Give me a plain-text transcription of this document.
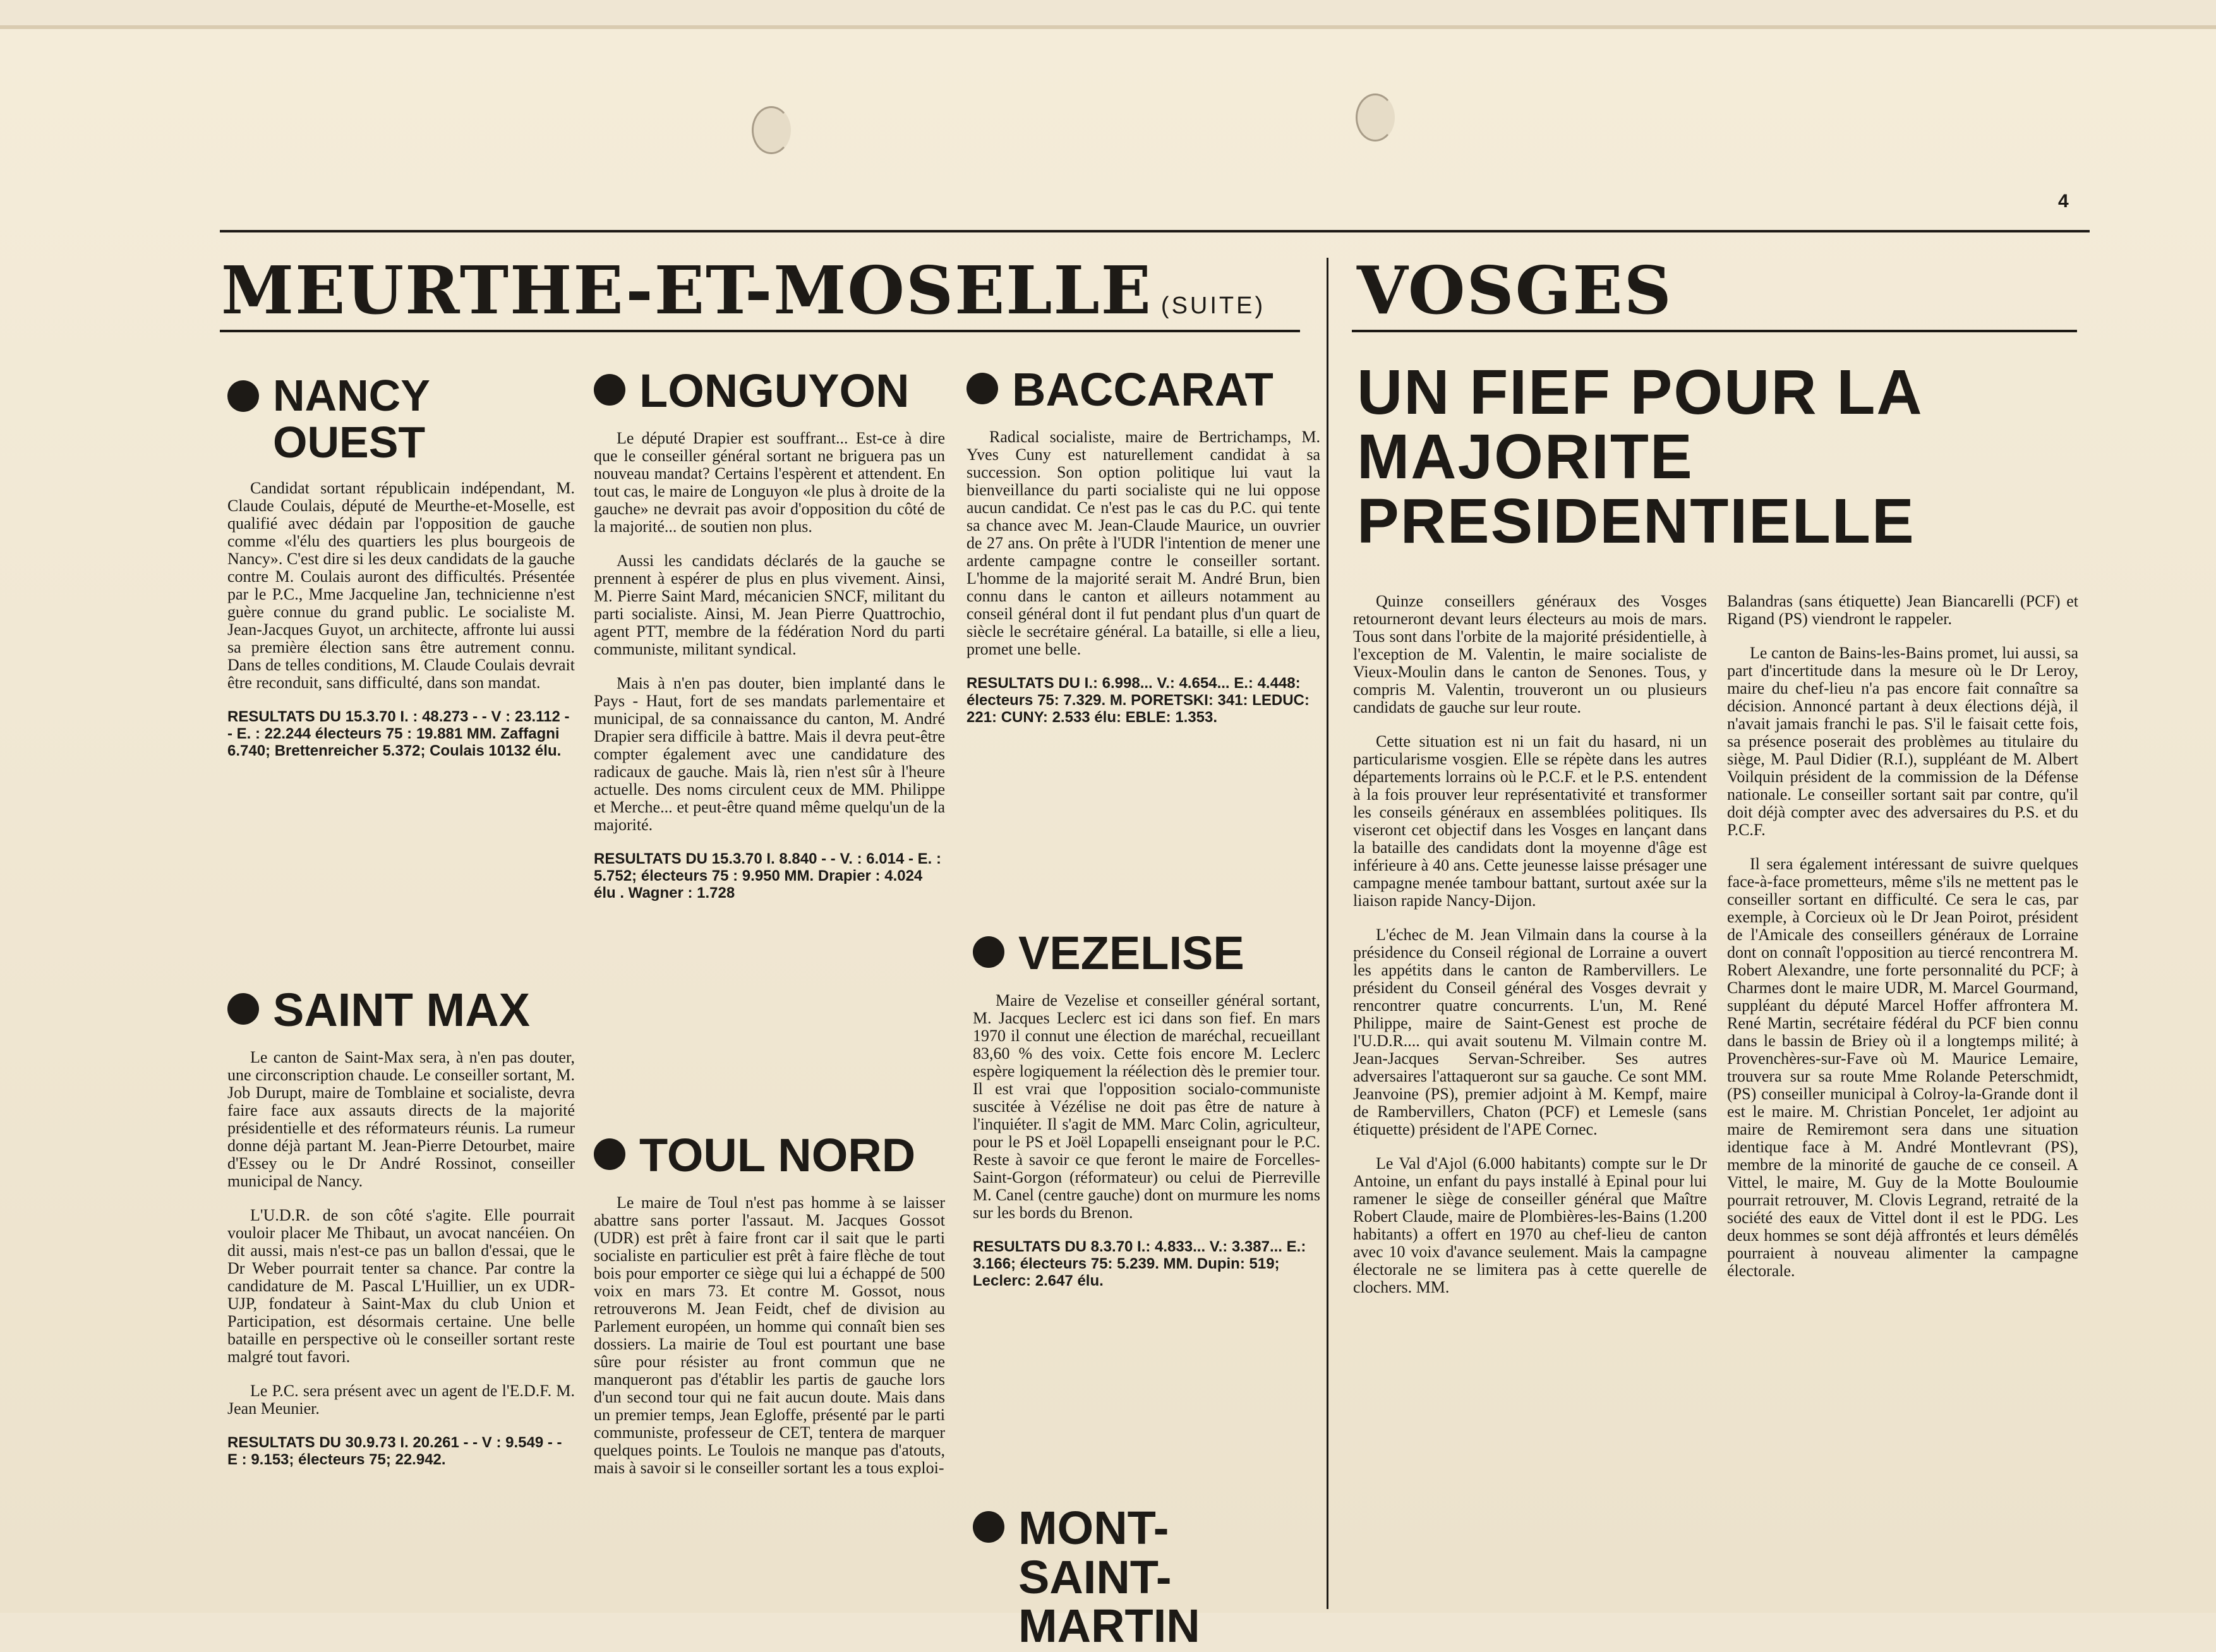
4
MEURTHE-ET-MOSELLE (SUITE) VOSGES
NANCY OUEST

Candidat sortant républicain indépendant, M. Claude Coulais, député de Meurthe-et-Moselle, est qualifié avec dédain par l'opposition de gauche comme «l'élu des quartiers les plus bourgeois de Nancy». C'est dire si les deux candidats de la gauche contre M. Coulais auront des difficultés. Présentée par le P.C., Mme Jacqueline Jan, technicienne n'est guère connue du grand public. Le socialiste M. Jean-Jacques Guyot, un architecte, affronte lui aussi sa première élection sans être autrement connu. Dans de telles conditions, M. Claude Coulais devrait être reconduit, sans difficulté, dans son mandat.

RESULTATS DU 15.3.70 I. : 48.273 - - V : 23.112 - - E. : 22.244 électeurs 75 : 19.881 MM. Zaffagni 6.740; Brettenreicher 5.372; Coulais 10132 élu.
SAINT MAX

Le canton de Saint-Max sera, à n'en pas douter, une circonscription chaude. Le conseiller sortant, M. Job Durupt, maire de Tomblaine et socialiste, devra faire face aux assauts directs de la majorité présidentielle et des réformateurs réunis. La rumeur donne déjà partant M. Jean-Pierre Detourbet, maire d'Essey ou le Dr André Rossinot, conseiller municipal de Nancy.

L'U.D.R. de son côté s'agite. Elle pourrait vouloir placer Me Thibaut, un avocat nancéien. On dit aussi, mais n'est-ce pas un ballon d'essai, que le Dr Weber pourrait tenter sa chance. Par contre la candidature de M. Pascal L'Huillier, un ex UDR-UJP, fondateur à Saint-Max du club Union et Participation, est désormais certaine. Une belle bataille en perspective où le conseiller sortant reste malgré tout favori.

Le P.C. sera présent avec un agent de l'E.D.F. M. Jean Meunier.

RESULTATS DU 30.9.73 I. 20.261 - - V : 9.549 - - E : 9.153; électeurs 75; 22.942.
LONGUYON

Le député Drapier est souffrant... Est-ce à dire que le conseiller général sortant ne briguera pas un nouveau mandat? Certains l'espèrent et attendent. En tout cas, le maire de Longuyon «le plus à droite de la gauche» ne devrait pas avoir d'opposition du côté de la majorité... de soutien non plus.

Aussi les candidats déclarés de la gauche se prennent à espérer de plus en plus vivement. Ainsi, M. Pierre Saint Mard, mécanicien SNCF, militant du parti socialiste. Ainsi, M. Jean Pierre Quattrochio, agent PTT, membre de la fédération Nord du parti communiste, militant syndical.

Mais à n'en pas douter, bien implanté dans le Pays - Haut, fort de ses mandats parlementaire et municipal, de sa connaissance du canton, M. André Drapier sera difficile à battre. Mais il devra peut-être compter également avec une candidature des radicaux de gauche. Mais là, rien n'est sûr à l'heure actuelle. Des noms circulent ceux de MM. Philippe et Merche... et peut-être quand même quelqu'un de la majorité.

RESULTATS DU 15.3.70 I. 8.840 - - V. : 6.014 - E. : 5.752; électeurs 75 : 9.950 MM. Drapier : 4.024 élu . Wagner : 1.728
TOUL NORD

Le maire de Toul n'est pas homme à se laisser abattre sans porter l'assaut. M. Jacques Gossot (UDR) est prêt à faire front car il sait que le parti socialiste en particulier est prêt à faire flèche de tout bois pour emporter ce siège qui lui a échappé de 500 voix en mars 73. Et contre M. Gossot, nous retrouverons M. Jean Feidt, chef de division au Parlement européen, un homme qui connaît bien ses dossiers. La mairie de Toul est pourtant une base sûre pour résister au front commun que ne manqueront pas d'établir les partis de gauche lors d'un second tour qui ne fait aucun doute. Mais dans un premier temps, Jean Egloffe, présenté par le parti communiste, professeur de CET, tentera de marquer quelques points. Le Toulois ne manque pas d'atouts, mais à savoir si le conseiller sortant les a tous exploi-

BACCARAT

Radical socialiste, maire de Bertrichamps, M. Yves Cuny est naturellement candidat à sa succession. Son option politique lui vaut la bienveillance du parti socialiste qui ne lui oppose aucun candidat. Ce n'est pas le cas du P.C. qui tente sa chance avec M. Jean-Claude Maurice, un ouvrier de 27 ans. On prête à l'UDR l'intention de mener une ardente campagne contre le conseiller sortant. L'homme de la majorité serait M. André Brun, bien connu dans le canton et ailleurs notamment au conseil général dont il fut pendant plus d'un quart de siècle le secrétaire général. La bataille, si elle a lieu, promet une belle.

RESULTATS DU I.: 6.998... V.: 4.654... E.: 4.448: électeurs 75: 7.329. M. PORETSKI: 341: LEDUC: 221: CUNY: 2.533 élu: EBLE: 1.353.
VEZELISE

Maire de Vezelise et conseiller général sortant, M. Jacques Leclerc est ici dans son fief. En mars 1970 il connut une élection de maréchal, recueillant 83,60 % des voix. Cette fois encore M. Leclerc espère logiquement la réélection dès le premier tour. Il est vrai que l'opposition socialo-communiste suscitée à Vézélise ne doit pas être de nature à l'inquiéter. Il s'agit de MM. Marc Colin, agriculteur, pour le PS et Joël Lopapelli enseignant pour le P.C. Reste à savoir ce que feront le maire de Forcelles-Saint-Gorgon (réformateur) ou celui de Pierreville M. Canel (centre gauche) dont on murmure les noms sur les bords du Brenon.

RESULTATS DU 8.3.70 I.: 4.833... V.: 3.387... E.: 3.166; électeurs 75: 5.239. MM. Dupin: 519; Leclerc: 2.647 élu.
MONT-SAINT-MARTIN
UN FIEF POUR LA MAJORITE PRESIDENTIELLE

Quinze conseillers généraux des Vosges retourneront devant leurs électeurs au mois de mars. Tous sont dans l'orbite de la majorité présidentielle, à l'exception de M. Valentin, le maire socialiste de Vieux-Moulin dans le canton de Senones. Tous, y compris M. Valentin, trouveront un ou plusieurs candidats de gauche sur leur route.

Cette situation est ni un fait du hasard, ni un particularisme vosgien. Elle se répète dans les autres départements lorrains où le P.C.F. et le P.S. entendent à la fois prouver leur représentativité et transformer les conseils généraux en assemblées politiques. Ils viseront cet objectif dans les Vosges en lançant dans la bataille des candidats dont la moyenne d'âge est inférieure à 40 ans. Cette jeunesse laisse présager une campagne menée tambour battant, surtout axée sur la liaison rapide Nancy-Dijon.

L'échec de M. Jean Vilmain dans la course à la présidence du Conseil régional de Lorraine a ouvert les appétits dans le canton de Rambervillers. Le président du Conseil général des Vosges devrait y rencontrer quatre concurrents. L'un, M. René Philippe, maire de Saint-Genest est proche de l'U.D.R.... qui avait soutenu M. Vilmain contre M. Jean-Jacques Servan-Schreiber. Ses autres adversaires l'attaqueront sur sa gauche. Ce sont MM. Jeanvoine (PS), premier adjoint à M. Kempf, maire de Rambervillers, Chaton (PCF) et Lemesle (sans étiquette) président de l'APE Cornec.

Le Val d'Ajol (6.000 habitants) compte sur le Dr Antoine, un enfant du pays installé à Epinal pour lui ramener le siège de conseiller général que Maître Robert Claude, maire de Plombières-les-Bains (1.200 habitants) a offert en 1970 au chef-lieu de canton avec 10 voix d'avance seulement. Mais la campagne électorale ne se limitera pas à cette querelle de clochers. MM.

Balandras (sans étiquette) Jean Biancarelli (PCF) et Rigand (PS) viendront le rappeler.

Le canton de Bains-les-Bains promet, lui aussi, sa part d'incertitude dans la mesure où le Dr Leroy, maire du chef-lieu n'a pas encore fait connaître sa décision. Annoncé partant à deux élections déjà, il n'avait jamais franchi le pas. S'il le faisait cette fois, sa présence poserait des problèmes au titulaire du siège, M. Paul Didier (R.I.), suppléant de M. Albert Voilquin président de la commission de la Défense nationale. Le conseiller sortant sait par contre, qu'il doit déjà compter avec des adversaires du P.S. et du P.C.F.

Il sera également intéressant de suivre quelques face-à-face prometteurs, même s'ils ne mettent pas le conseiller sortant en difficulté. Ce sera le cas, par exemple, à Corcieux où le Dr Jean Poirot, président de l'Amicale des conseillers généraux de Lorraine dont on connaît l'opposition au tiercé rencontrera M. Robert Alexandre, une forte personnalité du PCF; à Charmes dont le maire UDR, M. Marcel Gourmand, suppléant du député Marcel Hoffer affrontera M. René Martin, secrétaire fédéral du PCF bien connu dans le bassin de Briey où il a longtemps milité; à Provenchères-sur-Fave où M. Maurice Lemaire, trouvera sur sa route Mme Rolande Peterschmidt, (PS) conseiller municipal à Colroy-la-Grande dont il est le maire. M. Christian Poncelet, 1er adjoint au maire de Remiremont sera dans une situation identique face à M. André Montlevrant (PS), membre de la minorité de gauche de ce conseil. A Vittel, le maire, M. Guy de la Motte Bouloumie pourrait retrouver, M. Clovis Legrand, retraité de la société des eaux de Vittel dont il est le PDG. Les deux hommes se sont déjà affrontés et leurs démêlés pourraient à nouveau alimenter la campagne électorale.
